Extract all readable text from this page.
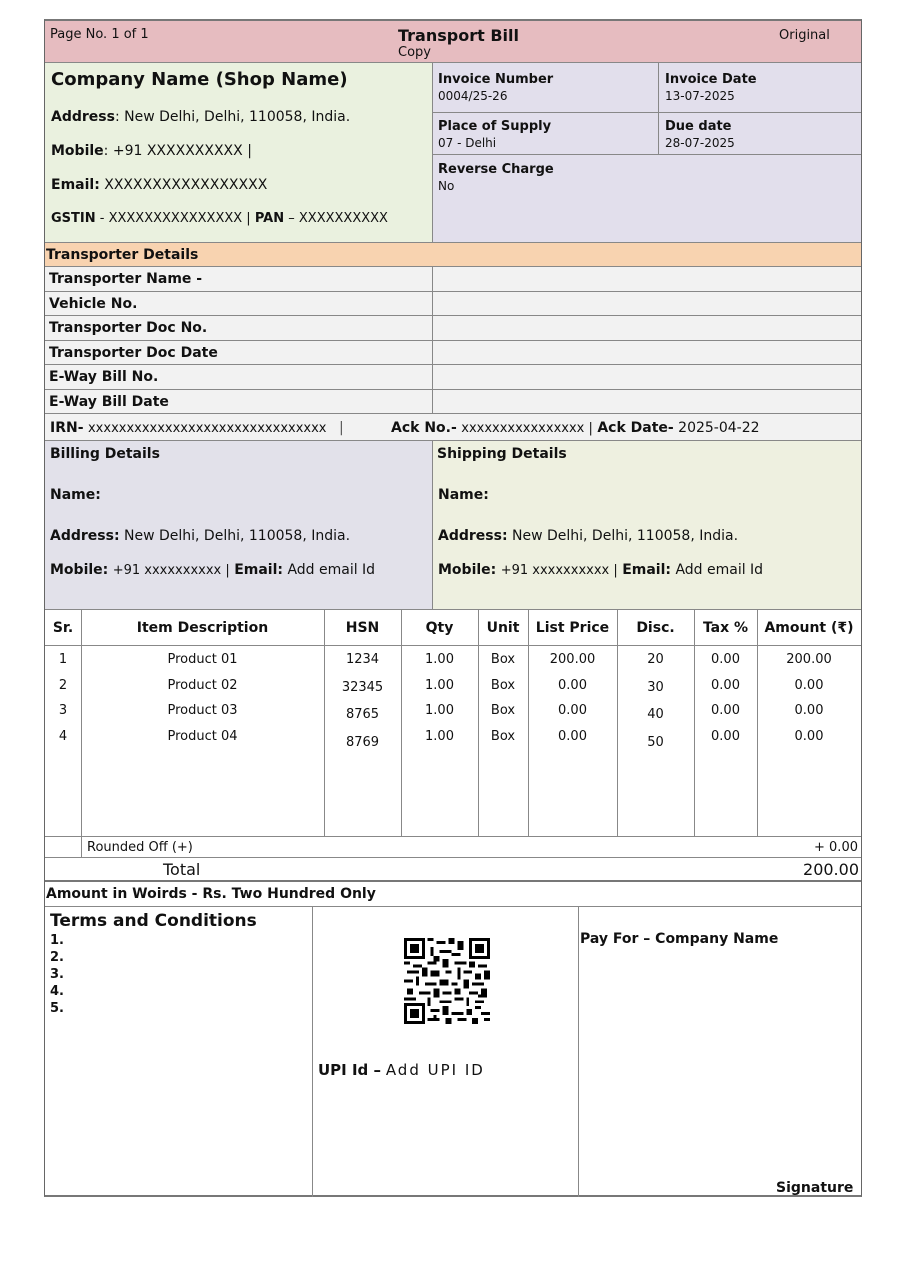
Page No. 1 of 1	Transport Bill
Copy
Original
Company Name (Shop Name)
Address: New Delhi, Delhi, 110058, India.
Mobile: +91 XXXXXXXXXX |
Email: XXXXXXXXXXXXXXXXX
GSTIN - XXXXXXXXXXXXXXX | PAN – XXXXXXXXXX
Invoice Number
0004/25-26
Invoice Date
13-07-2025
Place of Supply
07 - Delhi
Due date
28-07-2025
Reverse Charge
No
Transporter Details
Transporter Name -
Vehicle No.
Transporter Doc No.
Transporter Doc Date
E-Way Bill No.
E-Way Bill Date
IRN- xxxxxxxxxxxxxxxxxxxxxxxxxxxxxxx |	Ack No.- xxxxxxxxxxxxxxxx | Ack Date- 2025-04-22
Billing Details
Name:
Address: New Delhi, Delhi, 110058, India.
Mobile: +91 xxxxxxxxxx | Email: Add email Id
Shipping Details
Name:
Address: New Delhi, Delhi, 110058, India.
Mobile: +91 xxxxxxxxxx | Email: Add email Id
Sr.	Item Description	HSN	Qty	Unit	List Price	Disc.	Tax %	Amount (₹)
1	Product 01	1234	1.00	Box	200.00	20	0.00	200.00
2	Product 02	32345	1.00	Box	0.00	30	0.00	0.00
3	Product 03	8765	1.00	Box	0.00	40	0.00	0.00
4	Product 04	8769	1.00	Box	0.00	50	0.00	0.00
Rounded Off (+)	+ 0.00
Total	200.00
Amount in Woirds - Rs. Two Hundred Only
Terms and Conditions
1.
2.
3.
4.
5.
UPI Id – Add UPI ID
Pay For – Company Name
Signature
